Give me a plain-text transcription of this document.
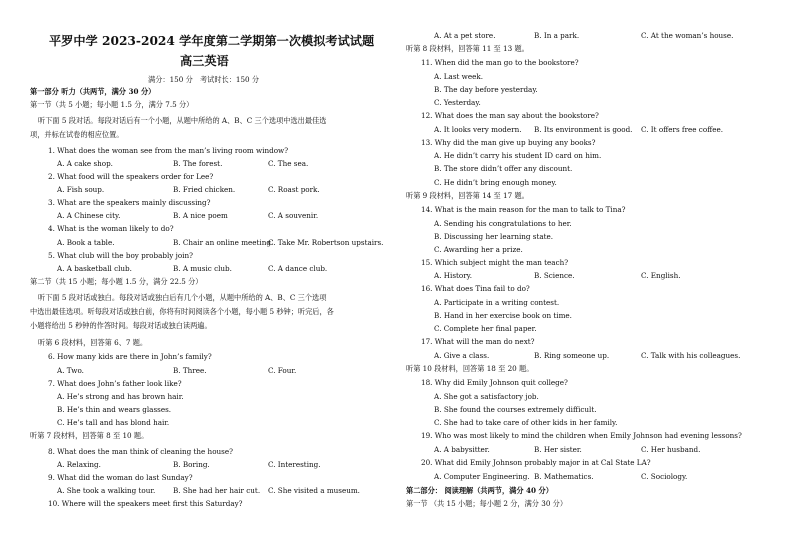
平罗中学 2023-2024 学年度第二学期第一次模拟考试试题
高三英语
满分：150 分　考试时长：150 分
第一部分 听力（共两节，满分 30 分）
第一节（共 5 小题；每小题 1.5 分，满分 7.5 分）
听下面 5 段对话。每段对话后有一个小题，从题中所给的 A、B、C 三个选项中选出最佳选
项，并标在试卷的相应位置。
1. What does the woman see from the man’s living room window?
A. A cake shop.	B. The forest.	C. The sea.
2. What food will the speakers order for Lee?
A. Fish soup.	B. Fried chicken.	C. Roast pork.
3. What are the speakers mainly discussing?
A. A Chinese city.	B. A nice poem	C. A souvenir.
4. What is the woman likely to do?
A. Book a table.	B. Chair an online meeting.
C. Take Mr. Robertson upstairs.
5. What club will the boy probably join?
A. A basketball club.	B. A music club.	C. A dance club.
第二节（共 15 小题；每小题 1.5 分，满分 22.5 分）
听下面 5 段对话或独白。每段对话或独白后有几个小题，从题中所给的 A、B、C 三个选项
中选出最佳选项。听每段对话或独白前，你将有时间阅读各个小题，每小题 5 秒钟；听完后，各
小题将给出 5 秒钟的作答时间。每段对话或独白读两遍。
听第 6 段材料，回答第 6、7 题。
6. How many kids are there in John’s family?
A. Two.	B. Three.	C. Four.
7. What does John’s father look like?
A. He’s strong and has brown hair.
B. He’s thin and wears glasses.
C. He’s tall and has blond hair.
听第 7 段材料，回答第 8 至 10 题。
8. What does the man think of cleaning the house?
A. Relaxing.	B. Boring.	C. Interesting.
9. What did the woman do last Sunday?
A. She took a walking tour. B. She had her hair cut. C. She visited a museum.
10. Where will the speakers meet first this Saturday?
A. At a pet store.	B. In a park.	C. At the woman’s house.
听第 8 段材料，回答第 11 至 13 题。
11. When did the man go to the bookstore?
A. Last week.
B. The day before yesterday.
C. Yesterday.
12. What does the man say about the bookstore?
A. It looks very modern. B. Its environment is good. C. It offers free coffee.
13. Why did the man give up buying any books?
A. He didn’t carry his student ID card on him.
B. The store didn’t offer any discount.
C. He didn’t bring enough money.
听第 9 段材料，回答第 14 至 17 题。
14. What is the main reason for the man to talk to Tina?
A. Sending his congratulations to her.
B. Discussing her learning state.
C. Awarding her a prize.
15. Which subject might the man teach?
A. History.	B. Science.	C. English.
16. What does Tina fail to do?
A. Participate in a writing contest.
B. Hand in her exercise book on time.
C. Complete her final paper.
17. What will the man do next?
A. Give a class.	B. Ring someone up.	C. Talk with his colleagues.
听第 10 段材料，回答第 18 至 20 题。
18. Why did Emily Johnson quit college?
A. She got a satisfactory job.
B. She found the courses extremely difficult.
C. She had to take care of other kids in her family.
19. Who was most likely to mind the children when Emily Johnson had evening lessons?
A. A babysitter.	B. Her sister.	C. Her husband.
20. What did Emily Johnson probably major in at Cal State LA?
A. Computer Engineering. B. Mathematics.	C. Sociology.
第二部分： 阅读理解（共两节，满分 40 分）
第一节 （共 15 小题；每小题 2 分，满分 30 分）
